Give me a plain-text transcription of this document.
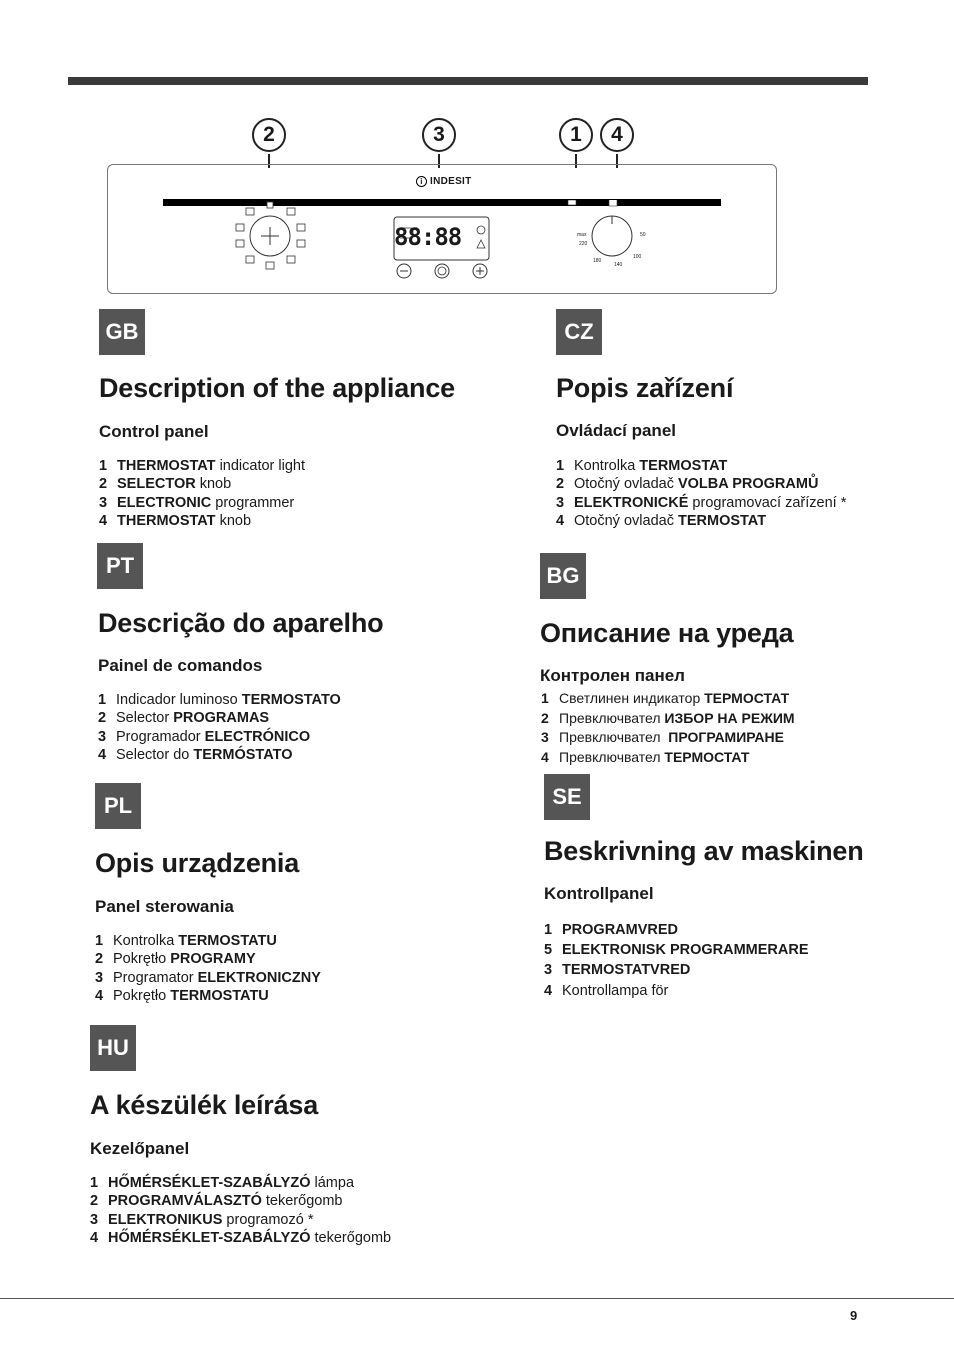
2	3	1	4
i INDESIT
88:88	max
220
180
140
100
50
GB
Description of the appliance
Control panel
1 THERMOSTAT indicator light
2 SELECTOR knob
3 ELECTRONIC programmer
4 THERMOSTAT knob
CZ
Popis zařízení
Ovládací panel
1 Kontrolka TERMOSTAT
2 Otočný ovladač VOLBA PROGRAMŮ
3 ELEKTRONICKÉ programovací zařízení *
4 Otočný ovladač TERMOSTAT
PT
Descrição do aparelho
Painel de comandos
1 Indicador luminoso TERMOSTATO
2 Selector PROGRAMAS
3 Programador ELECTRÓNICO
4 Selector do TERMÓSTATO
BG
Описание на уреда
Контролен панел
1 Светлинен индикатор ТЕРМОСТАТ
2 Превключвател ИЗБОР НА РЕЖИМ
3 Превключвател ПРОГРАМИРАНЕ
4 Превключвател ТЕРМОСТАТ
PL
Opis urządzenia
Panel sterowania
1 Kontrolka TERMOSTATU
2 Pokrętło PROGRAMY
3 Programator ELEKTRONICZNY
4 Pokrętło TERMOSTATU
SE
Beskrivning av maskinen
Kontrollpanel
1 PROGRAMVRED
5 ELEKTRONISK PROGRAMMERARE
3 TERMOSTATVRED
4 Kontrollampa för
HU
A készülék leírása
Kezelőpanel
1 HŐMÉRSÉKLET-SZABÁLYZÓ lámpa
2 PROGRAMVÁLASZTÓ tekerőgomb
3 ELEKTRONIKUS programozó *
4 HŐMÉRSÉKLET-SZABÁLYZÓ tekerőgomb
9
